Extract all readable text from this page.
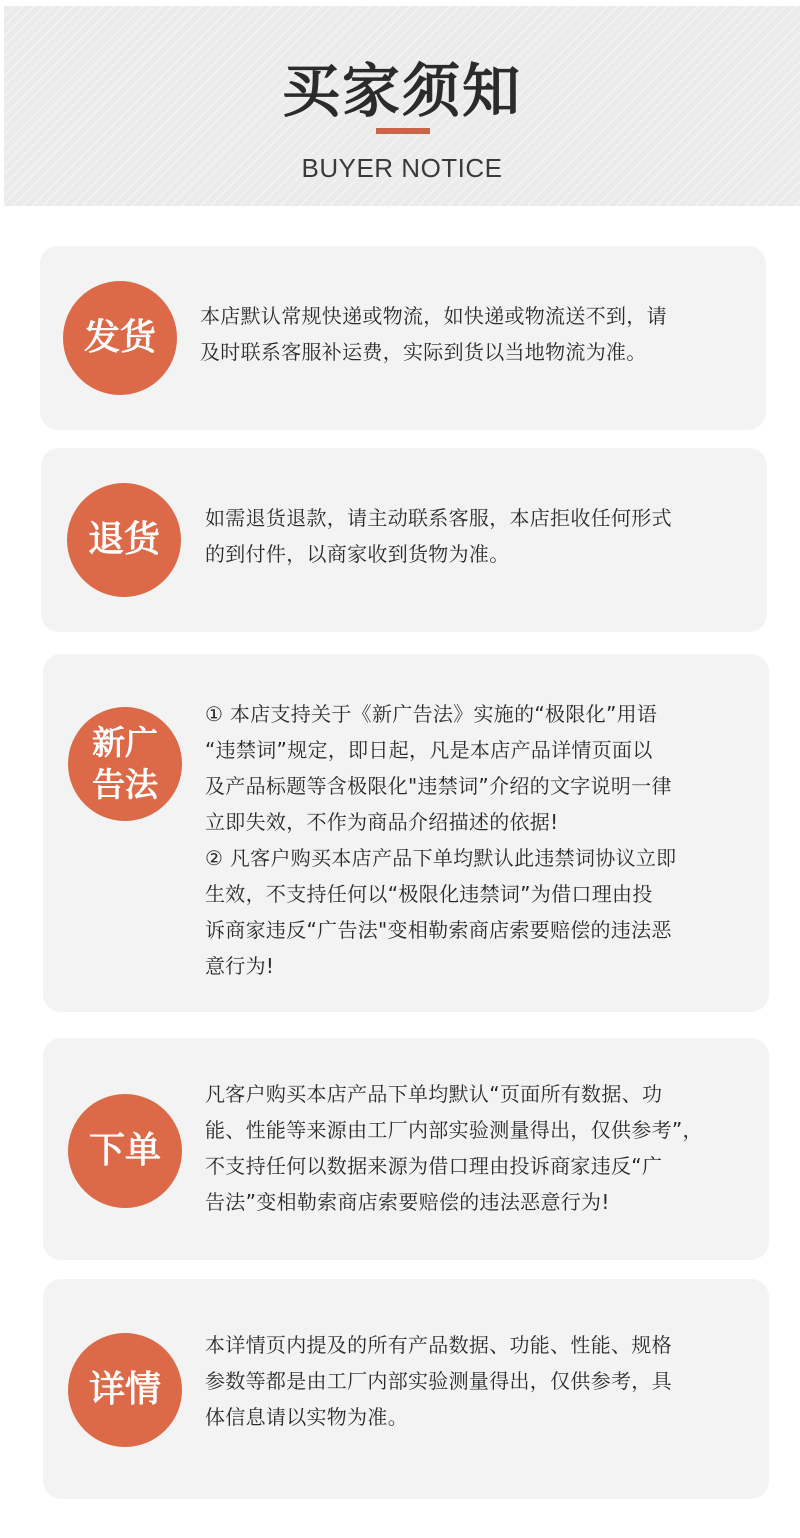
买家须知
BUYER NOTICE
发货
本店默认常规快递或物流，如快递或物流送不到，请
及时联系客服补运费，实际到货以当地物流为准。
退货
如需退货退款，请主动联系客服，本店拒收任何形式
的到付件，以商家收到货物为准。
新广
告法
① 本店支持关于《新广告法》实施的“极限化”用语
“违禁词”规定，即日起，凡是本店产品详情页面以
及产品标题等含极限化"违禁词”介绍的文字说明一律
立即失效，不作为商品介绍描述的依据!
② 凡客户购买本店产品下单均默认此违禁词协议立即
生效，不支持任何以“极限化违禁词”为借口理由投
诉商家违反“广告法"变相勒索商店索要赔偿的违法恶
意行为!
下单
凡客户购买本店产品下单均默认“页面所有数据、功
能、性能等来源由工厂内部实验测量得出，仅供参考”，
不支持任何以数据来源为借口理由投诉商家违反“广
告法”变相勒索商店索要赔偿的违法恶意行为!
详情
本详情页内提及的所有产品数据、功能、性能、规格
参数等都是由工厂内部实验测量得出，仅供参考，具
体信息请以实物为准。
